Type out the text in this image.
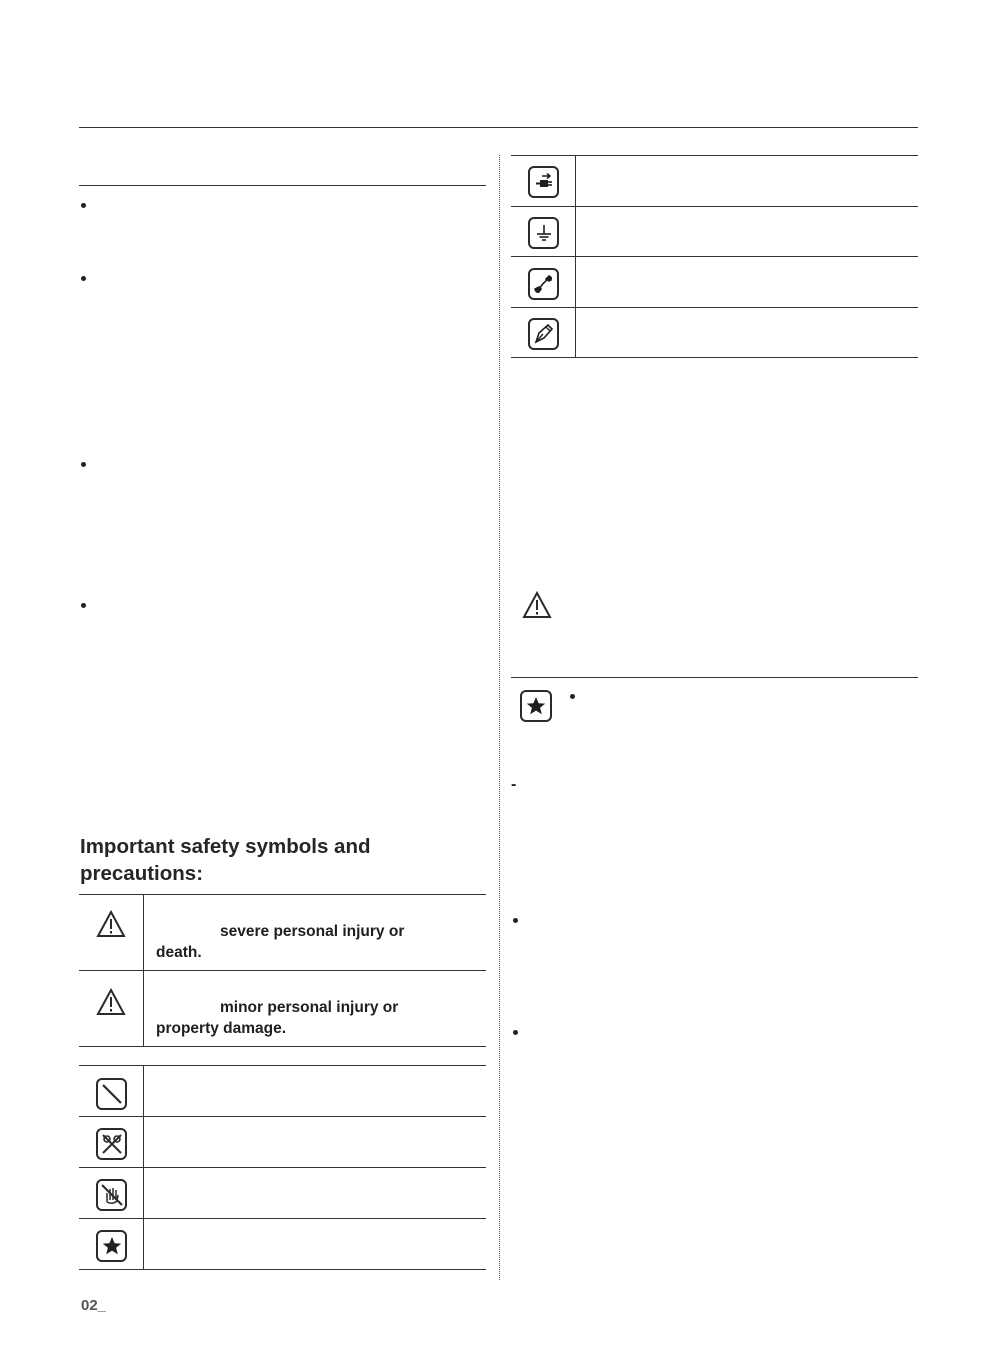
Important safety symbols and precautions:
severe personal injury or
death.
minor personal injury or
property damage.
-
02_
